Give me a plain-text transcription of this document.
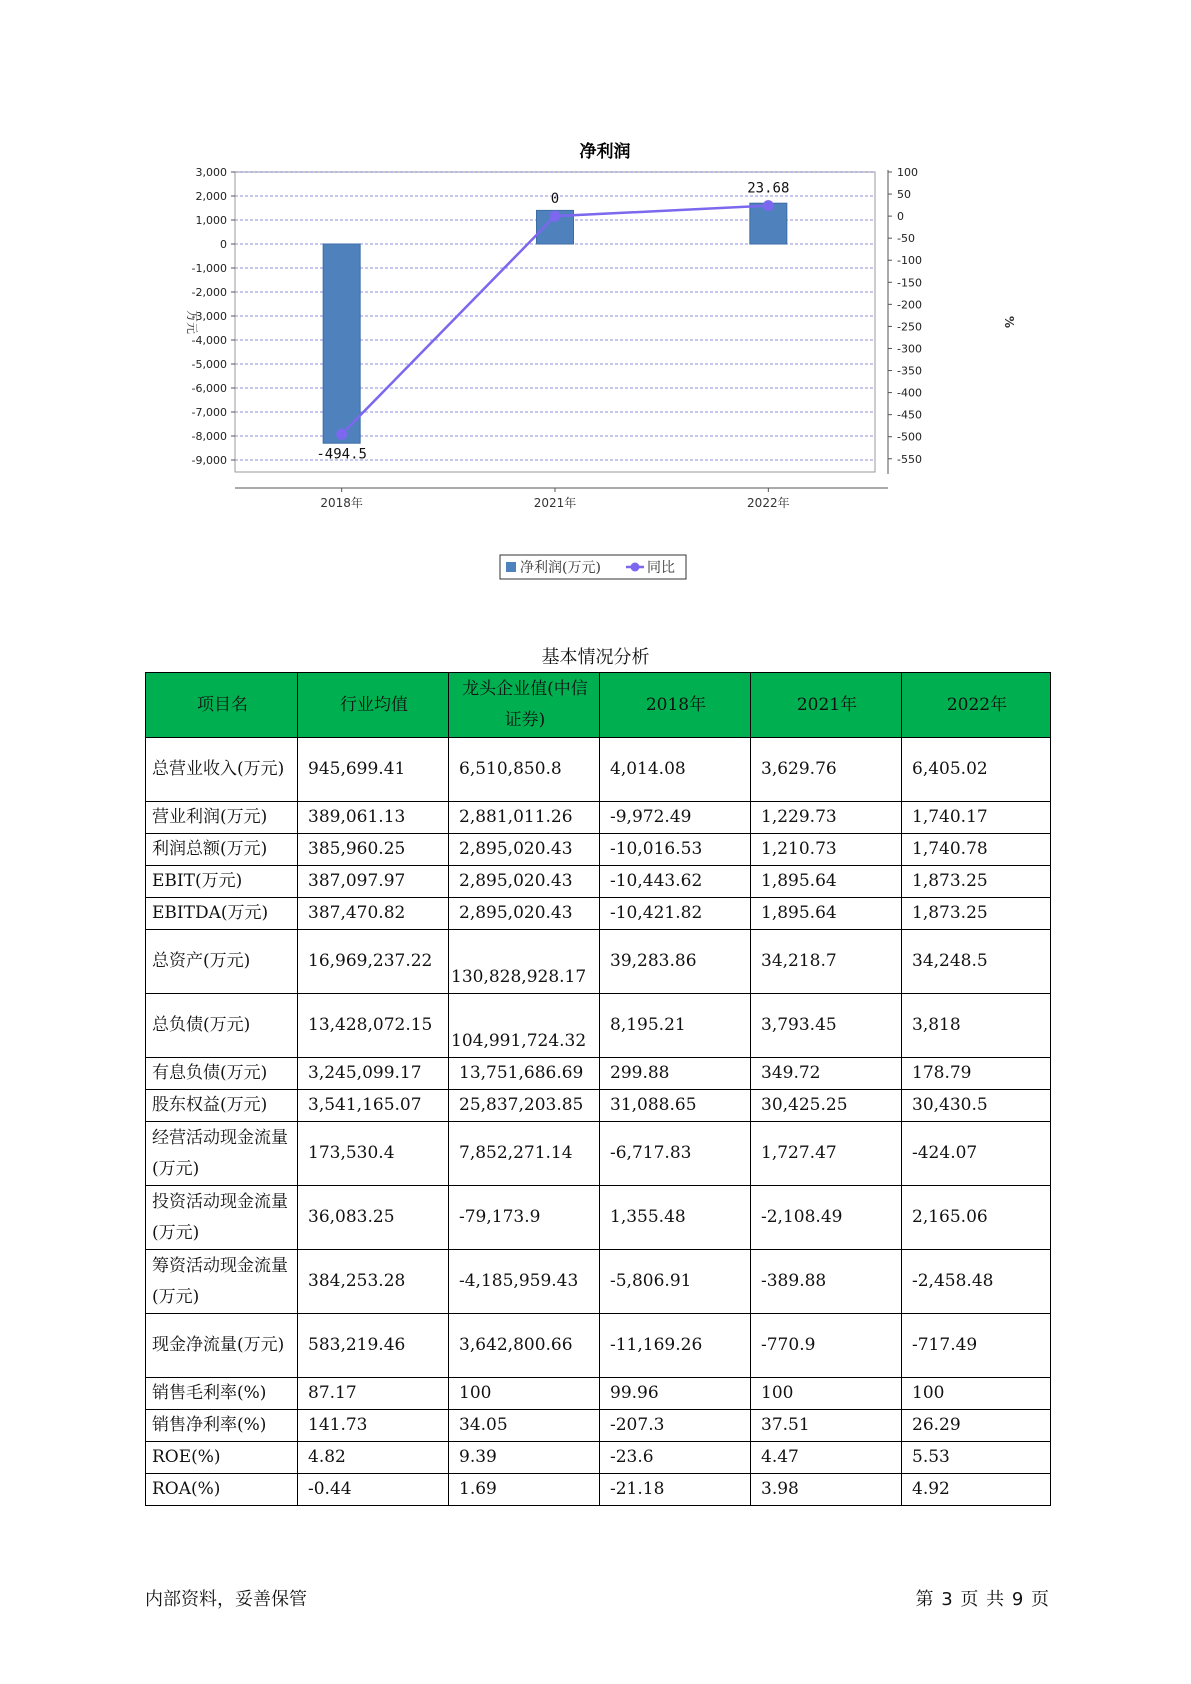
净利润
-494.5
0
23.68
3,000
2,000
1,000
0
-1,000
-2,000
-3,000
-4,000
-5,000
-6,000
-7,000
-8,000
-9,000
100
50
0
-50
-100
-150
-200
-250
-300
-350
-400
-450
-500
-550
2018年	2021年	2022年
万元	%
净利润(万元)	同比
基本情况分析
项目名	行业均值	龙头企业值(中信证券)	2018年	2021年	2022年
总营业收入(万元)	945,699.41	6,510,850.8	4,014.08	3,629.76	6,405.02
营业利润(万元)	389,061.13	2,881,011.26	-9,972.49	1,229.73	1,740.17
利润总额(万元)	385,960.25	2,895,020.43	-10,016.53	1,210.73	1,740.78
EBIT(万元)	387,097.97	2,895,020.43	-10,443.62	1,895.64	1,873.25
EBITDA(万元)	387,470.82	2,895,020.43	-10,421.82	1,895.64	1,873.25
总资产(万元)	16,969,237.22	130,828,928.17	39,283.86	34,218.7	34,248.5
总负债(万元)	13,428,072.15	104,991,724.32	8,195.21	3,793.45	3,818
有息负债(万元)	3,245,099.17	13,751,686.69	299.88	349.72	178.79
股东权益(万元)	3,541,165.07	25,837,203.85	31,088.65	30,425.25	30,430.5
经营活动现金流量(万元)	173,530.4	7,852,271.14	-6,717.83	1,727.47	-424.07
投资活动现金流量(万元)	36,083.25	-79,173.9	1,355.48	-2,108.49	2,165.06
筹资活动现金流量(万元)	384,253.28	-4,185,959.43	-5,806.91	-389.88	-2,458.48
现金净流量(万元)	583,219.46	3,642,800.66	-11,169.26	-770.9	-717.49
销售毛利率(%)	87.17	100	99.96	100	100
销售净利率(%)	141.73	34.05	-207.3	37.51	26.29
ROE(%)	4.82	9.39	-23.6	4.47	5.53
ROA(%)	-0.44	1.69	-21.18	3.98	4.92
内部资料，妥善保管	第 3 页 共 9 页
